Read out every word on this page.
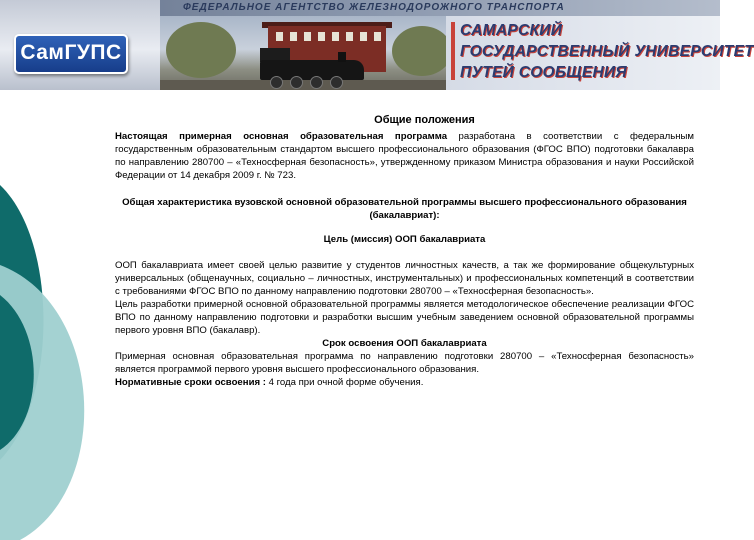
ФЕДЕРАЛЬНОЕ АГЕНТСТВО ЖЕЛЕЗНОДОРОЖНОГО ТРАНСПОРТА
СамГУПС
САМАРСКИЙ
ГОСУДАРСТВЕННЫЙ УНИВЕРСИТЕТ
ПУТЕЙ СООБЩЕНИЯ
Общие положения

Настоящая примерная основная образовательная программа разработана в соответствии с федеральным государственным образовательным стандартом высшего профессионального образования (ФГОС ВПО) подготовки бакалавра по направлению 280700 – «Техносферная безопасность», утвержденному приказом Министра образования и науки Российской Федерации от 14 декабря 2009 г. № 723.

Общая характеристика вузовской основной образовательной программы высшего профессионального образования (бакалавриат):

Цель (миссия) ООП бакалавриата

ООП бакалавриата имеет своей целью развитие у студентов личностных качеств, а так же формирование общекультурных универсальных (общенаучных, социально – личностных, инструментальных) и профессиональных компетенций в соответствии с требованиями ФГОС ВПО по данному направлению подготовки 280700 – «Техносферная безопасность».

Цель разработки примерной основной образовательной программы является методологическое обеспечение реализации ФГОС ВПО по данному направлению подготовки и разработки высшим учебным заведением основной образовательной программы первого уровня ВПО (бакалавр).

Срок освоения ООП бакалавриата

Примерная основная образовательная программа по направлению подготовки 280700 – «Техносферная безопасность» является программой первого уровня высшего профессионального образования.

Нормативные сроки освоения : 4 года при очной форме обучения.
